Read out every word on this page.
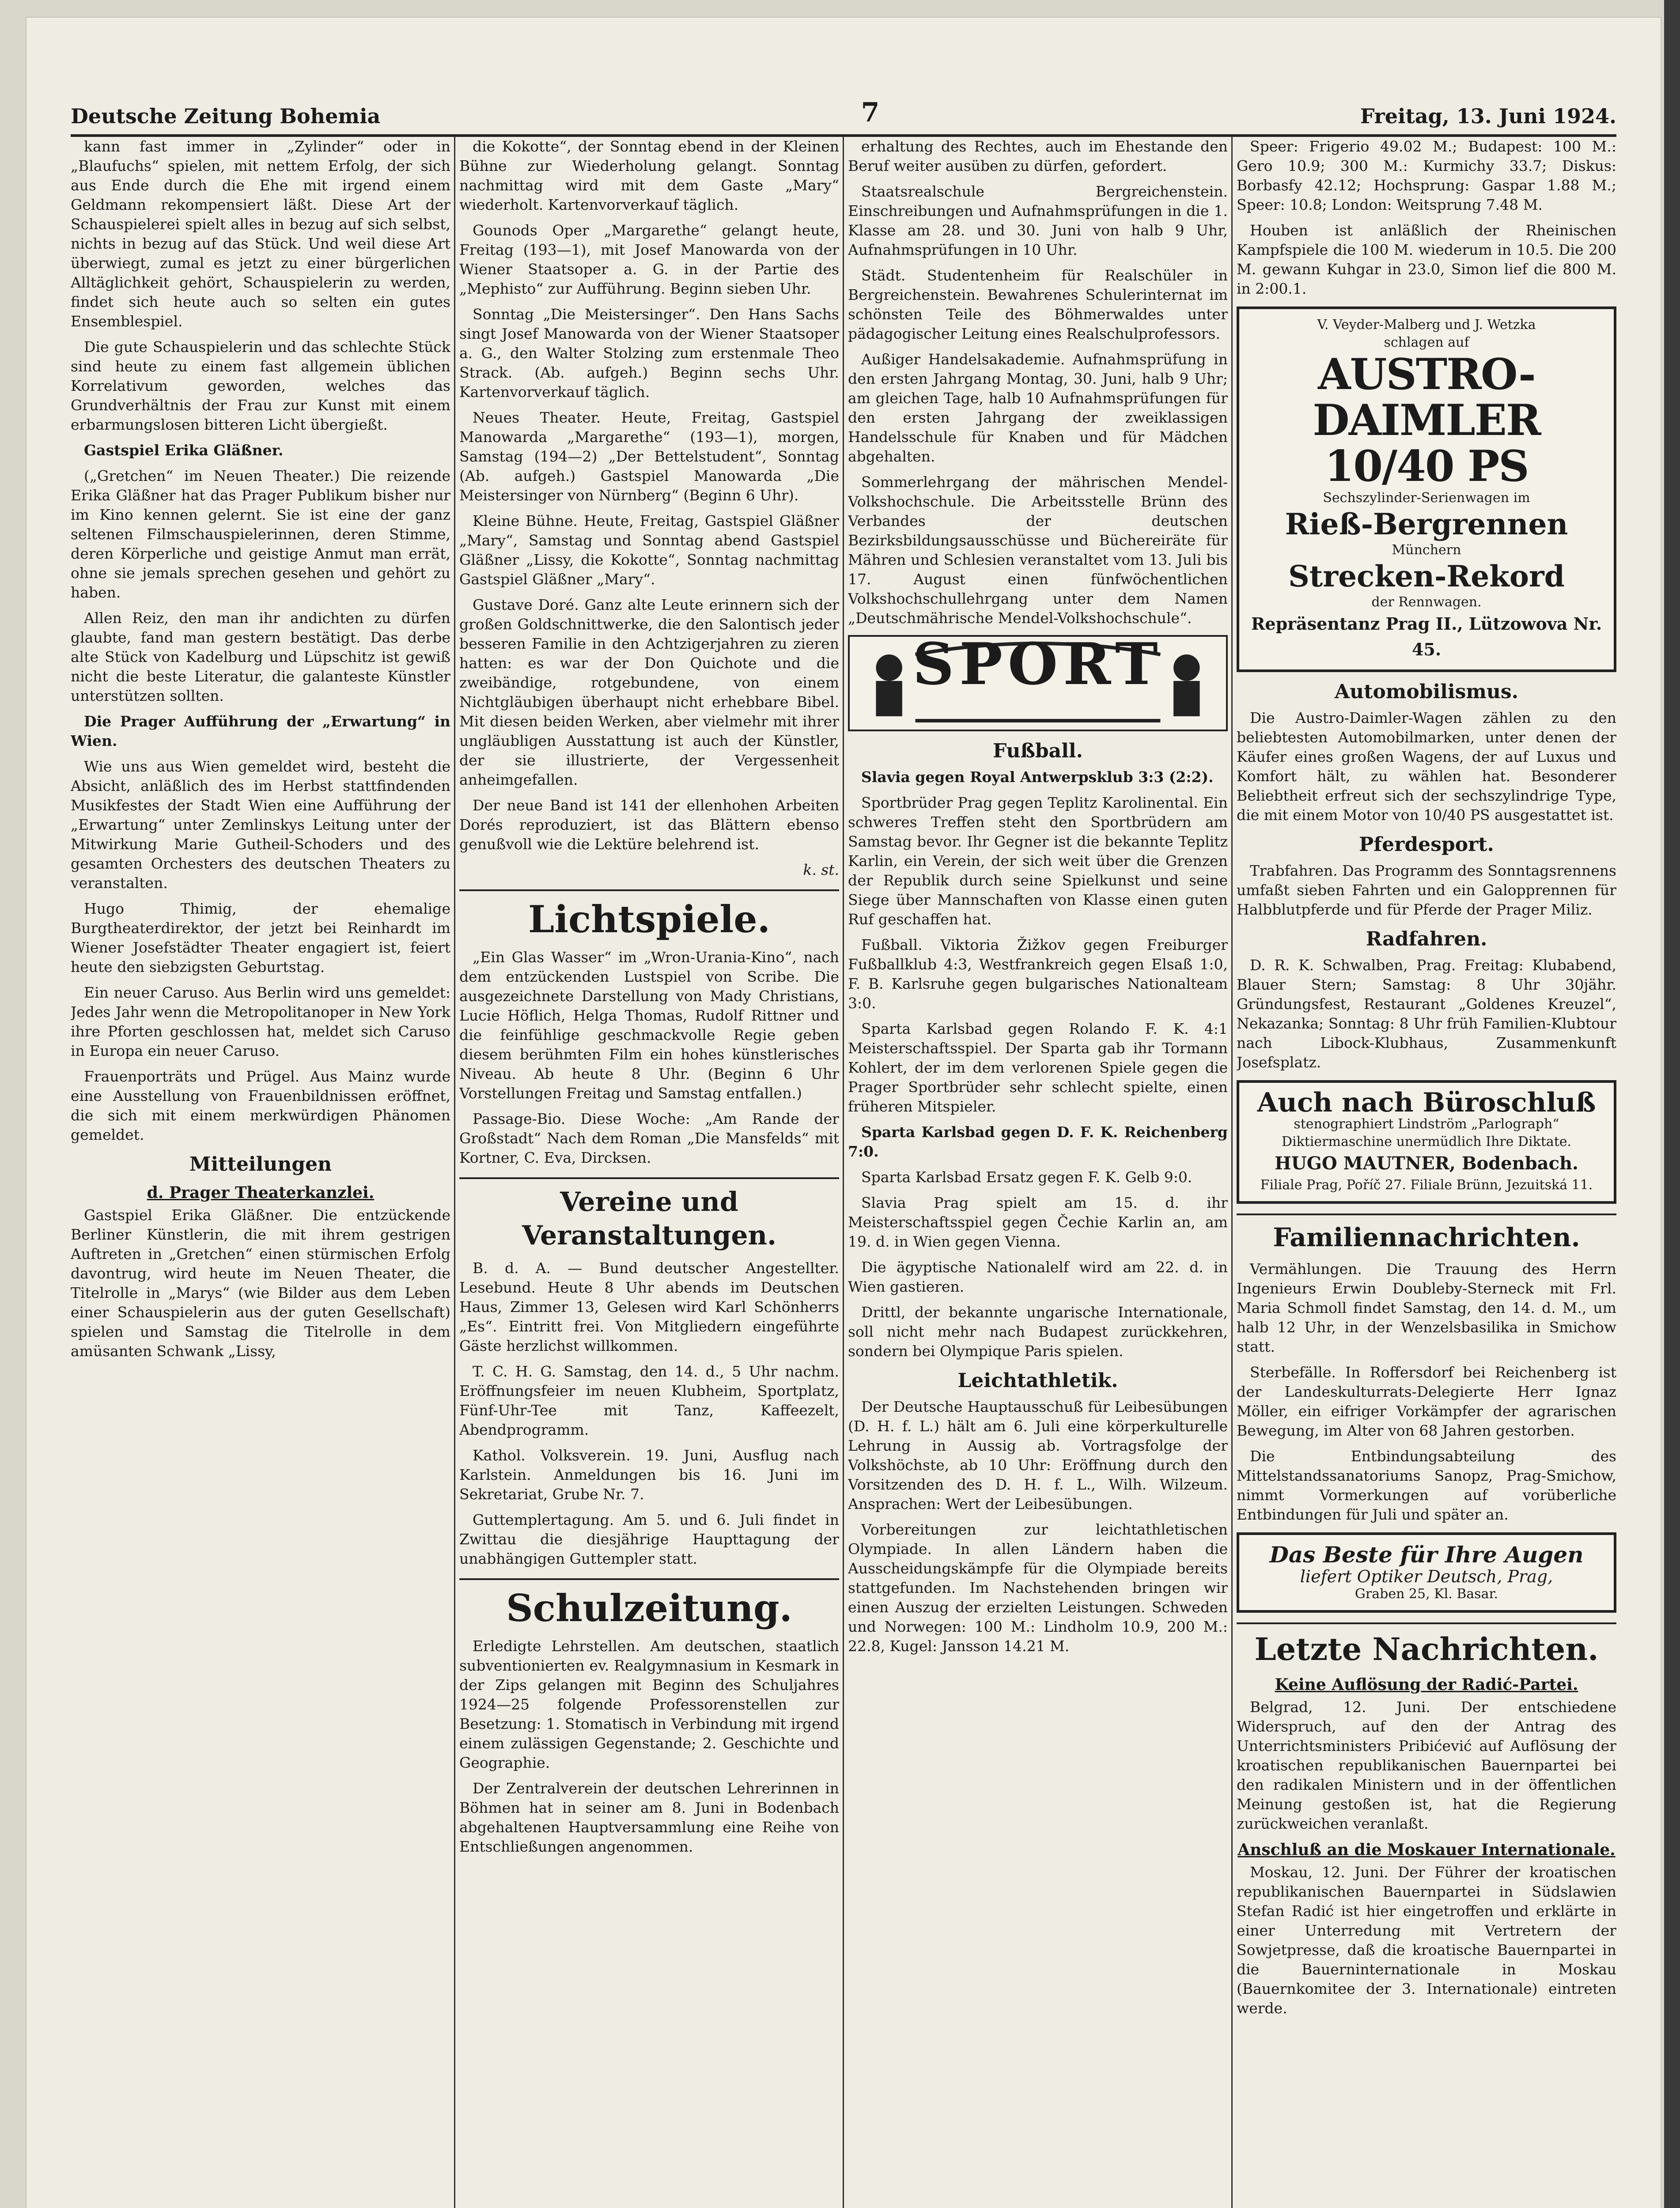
Deutsche Zeitung Bohemia	7	Freitag, 13. Juni 1924.

kann fast immer in „Zylinder“ oder in „Blaufuchs“ spielen, mit nettem Erfolg, der sich aus Ende durch die Ehe mit irgend einem Geldmann rekompensiert läßt. Diese Art der Schauspielerei spielt alles in bezug auf sich selbst, nichts in bezug auf das Stück. Und weil diese Art überwiegt, zumal es jetzt zu einer bürgerlichen Alltäglichkeit gehört, Schauspielerin zu werden, findet sich heute auch so selten ein gutes Ensemblespiel.

Die gute Schauspielerin und das schlechte Stück sind heute zu einem fast allgemein üblichen Korrelativum geworden, welches das Grundverhältnis der Frau zur Kunst mit einem erbarmungslosen bitteren Licht übergießt.

Gastspiel Erika Gläßner.

(„Gretchen“ im Neuen Theater.) Die reizende Erika Gläßner hat das Prager Publikum bisher nur im Kino kennen gelernt. Sie ist eine der ganz seltenen Filmschauspielerinnen, deren Stimme, deren Körperliche und geistige Anmut man errät, ohne sie jemals sprechen gesehen und gehört zu haben.

Allen Reiz, den man ihr andichten zu dürfen glaubte, fand man gestern bestätigt. Das derbe alte Stück von Kadelburg und Lüpschitz ist gewiß nicht die beste Literatur, die galanteste Künstler unterstützen sollten.

Die Prager Aufführung der „Erwartung“ in Wien.

Wie uns aus Wien gemeldet wird, besteht die Absicht, anläßlich des im Herbst stattfindenden Musikfestes der Stadt Wien eine Aufführung der „Erwartung“ unter Zemlinskys Leitung unter der Mitwirkung Marie Gutheil-Schoders und des gesamten Orchesters des deutschen Theaters zu veranstalten.

Hugo Thimig, der ehemalige Burgtheaterdirektor, der jetzt bei Reinhardt im Wiener Josefstädter Theater engagiert ist, feiert heute den siebzigsten Geburtstag.

Ein neuer Caruso. Aus Berlin wird uns gemeldet: Jedes Jahr wenn die Metropolitanoper in New York ihre Pforten geschlossen hat, meldet sich Caruso in Europa ein neuer Caruso.

Frauenporträts und Prügel. Aus Mainz wurde eine Ausstellung von Frauenbildnissen eröffnet, die sich mit einem merkwürdigen Phänomen gemeldet.

Mitteilungen
d. Prager Theaterkanzlei.

Gastspiel Erika Gläßner. Die entzückende Berliner Künstlerin, die mit ihrem gestrigen Auftreten in „Gretchen“ einen stürmischen Erfolg davontrug, wird heute im Neuen Theater, die Titelrolle in „Marys“ (wie Bilder aus dem Leben einer Schauspielerin aus der guten Gesellschaft) spielen und Samstag die Titelrolle in dem amüsanten Schwank „Lissy,

die Kokotte“, der Sonntag ebend in der Kleinen Bühne zur Wiederholung gelangt. Sonntag nachmittag wird mit dem Gaste „Mary“ wiederholt. Kartenvorverkauf täglich.

Gounods Oper „Margarethe“ gelangt heute, Freitag (193—1), mit Josef Manowarda von der Wiener Staatsoper a. G. in der Partie des „Mephisto“ zur Aufführung. Beginn sieben Uhr.

Sonntag „Die Meistersinger“. Den Hans Sachs singt Josef Manowarda von der Wiener Staatsoper a. G., den Walter Stolzing zum erstenmale Theo Strack. (Ab. aufgeh.) Beginn sechs Uhr. Kartenvorverkauf täglich.

Neues Theater. Heute, Freitag, Gastspiel Manowarda „Margarethe“ (193—1), morgen, Samstag (194—2) „Der Bettelstudent“, Sonntag (Ab. aufgeh.) Gastspiel Manowarda „Die Meistersinger von Nürnberg“ (Beginn 6 Uhr).

Kleine Bühne. Heute, Freitag, Gastspiel Gläßner „Mary“, Samstag und Sonntag abend Gastspiel Gläßner „Lissy, die Kokotte“, Sonntag nachmittag Gastspiel Gläßner „Mary“.

Gustave Doré. Ganz alte Leute erinnern sich der großen Goldschnittwerke, die den Salontisch jeder besseren Familie in den Achtzigerjahren zu zieren hatten: es war der Don Quichote und die zweibändige, rotgebundene, von einem Nichtgläubigen überhaupt nicht erhebbare Bibel. Mit diesen beiden Werken, aber vielmehr mit ihrer ungläubligen Ausstattung ist auch der Künstler, der sie illustrierte, der Vergessenheit anheimgefallen.

Der neue Band ist 141 der ellenhohen Arbeiten Dorés reproduziert, ist das Blättern ebenso genußvoll wie die Lektüre belehrend ist.

k. st.

Lichtspiele.

„Ein Glas Wasser“ im „Wron-Urania-Kino“, nach dem entzückenden Lustspiel von Scribe. Die ausgezeichnete Darstellung von Mady Christians, Lucie Höflich, Helga Thomas, Rudolf Rittner und die feinfühlige geschmackvolle Regie geben diesem berühmten Film ein hohes künstlerisches Niveau. Ab heute 8 Uhr. (Beginn 6 Uhr Vorstellungen Freitag und Samstag entfallen.)

Passage-Bio. Diese Woche: „Am Rande der Großstadt“ Nach dem Roman „Die Mansfelds“ mit Kortner, C. Eva, Dircksen.

Vereine und Veranstaltungen.

B. d. A. — Bund deutscher Angestellter. Lesebund. Heute 8 Uhr abends im Deutschen Haus, Zimmer 13, Gelesen wird Karl Schönherrs „Es“. Eintritt frei. Von Mitgliedern eingeführte Gäste herzlichst willkommen.

T. C. H. G. Samstag, den 14. d., 5 Uhr nachm. Eröffnungsfeier im neuen Klubheim, Sportplatz, Fünf-Uhr-Tee mit Tanz, Kaffeezelt, Abendprogramm.

Kathol. Volksverein. 19. Juni, Ausflug nach Karlstein. Anmeldungen bis 16. Juni im Sekretariat, Grube Nr. 7.

Guttemplertagung. Am 5. und 6. Juli findet in Zwittau die diesjährige Haupttagung der unabhängigen Guttempler statt.

Schulzeitung.

Erledigte Lehrstellen. Am deutschen, staatlich subventionierten ev. Realgymnasium in Kesmark in der Zips gelangen mit Beginn des Schuljahres 1924—25 folgende Professorenstellen zur Besetzung: 1. Stomatisch in Verbindung mit irgend einem zulässigen Gegenstande; 2. Geschichte und Geographie.

Der Zentralverein der deutschen Lehrerinnen in Böhmen hat in seiner am 8. Juni in Bodenbach abgehaltenen Hauptversammlung eine Reihe von Entschließungen angenommen.

erhaltung des Rechtes, auch im Ehestande den Beruf weiter ausüben zu dürfen, gefordert.

Staatsrealschule Bergreichenstein. Einschreibungen und Aufnahmsprüfungen in die 1. Klasse am 28. und 30. Juni von halb 9 Uhr, Aufnahmsprüfungen in 10 Uhr.

Städt. Studentenheim für Realschüler in Bergreichenstein. Bewahrenes Schulerinternat im schönsten Teile des Böhmerwaldes unter pädagogischer Leitung eines Realschulprofessors.

Außiger Handelsakademie. Aufnahmsprüfung in den ersten Jahrgang Montag, 30. Juni, halb 9 Uhr; am gleichen Tage, halb 10 Aufnahmsprüfungen für den ersten Jahrgang der zweiklassigen Handelsschule für Knaben und für Mädchen abgehalten.

Sommerlehrgang der mährischen Mendel-Volkshochschule. Die Arbeitsstelle Brünn des Verbandes der deutschen Bezirksbildungsausschüsse und Büchereiräte für Mähren und Schlesien veranstaltet vom 13. Juli bis 17. August einen fünfwöchentlichen Volkshochschullehrgang unter dem Namen „Deutschmährische Mendel-Volkshochschule“.

SPORT
Fußball.

Slavia gegen Royal Antwerpsklub 3:3 (2:2).

Sportbrüder Prag gegen Teplitz Karolinental. Ein schweres Treffen steht den Sportbrüdern am Samstag bevor. Ihr Gegner ist die bekannte Teplitz Karlin, ein Verein, der sich weit über die Grenzen der Republik durch seine Spielkunst und seine Siege über Mannschaften von Klasse einen guten Ruf geschaffen hat.

Fußball. Viktoria Žižkov gegen Freiburger Fußballklub 4:3, Westfrankreich gegen Elsaß 1:0, F. B. Karlsruhe gegen bulgarisches Nationalteam 3:0.

Sparta Karlsbad gegen Rolando F. K. 4:1 Meisterschaftsspiel. Der Sparta gab ihr Tormann Kohlert, der im dem verlorenen Spiele gegen die Prager Sportbrüder sehr schlecht spielte, einen früheren Mitspieler.

Sparta Karlsbad gegen D. F. K. Reichenberg 7:0.

Sparta Karlsbad Ersatz gegen F. K. Gelb 9:0.

Slavia Prag spielt am 15. d. ihr Meisterschaftsspiel gegen Čechie Karlin an, am 19. d. in Wien gegen Vienna.

Die ägyptische Nationalelf wird am 22. d. in Wien gastieren.

Drittl, der bekannte ungarische Internationale, soll nicht mehr nach Budapest zurückkehren, sondern bei Olympique Paris spielen.

Leichtathletik.

Der Deutsche Hauptausschuß für Leibesübungen (D. H. f. L.) hält am 6. Juli eine körperkulturelle Lehrung in Aussig ab. Vortragsfolge der Volkshöchste, ab 10 Uhr: Eröffnung durch den Vorsitzenden des D. H. f. L., Wilh. Wilzeum. Ansprachen: Wert der Leibesübungen.

Vorbereitungen zur leichtathletischen Olympiade. In allen Ländern haben die Ausscheidungskämpfe für die Olympiade bereits stattgefunden. Im Nachstehenden bringen wir einen Auszug der erzielten Leistungen. Schweden und Norwegen: 100 M.: Lindholm 10.9, 200 M.: 22.8, Kugel: Jansson 14.21 M.

Speer: Frigerio 49.02 M.; Budapest: 100 M.: Gero 10.9; 300 M.: Kurmichy 33.7; Diskus: Borbasfy 42.12; Hochsprung: Gaspar 1.88 M.; Speer: 10.8; London: Weitsprung 7.48 M.

Houben ist anläßlich der Rheinischen Kampfspiele die 100 M. wiederum in 10.5. Die 200 M. gewann Kuhgar in 23.0, Simon lief die 800 M. in 2:00.1.

V. Veyder-Malberg und J. Wetzka
schlagen auf
AUSTRO-DAIMLER 10/40 PS
Sechszylinder-Serienwagen im
Rieß-Bergrennen
Münchern
Strecken-Rekord
der Rennwagen.
Repräsentanz Prag II., Lützowova Nr. 45.
Automobilismus.

Die Austro-Daimler-Wagen zählen zu den beliebtesten Automobilmarken, unter denen der Käufer eines großen Wagens, der auf Luxus und Komfort hält, zu wählen hat. Besonderer Beliebtheit erfreut sich der sechszylindrige Type, die mit einem Motor von 10/40 PS ausgestattet ist.

Pferdesport.

Trabfahren. Das Programm des Sonntagsrennens umfaßt sieben Fahrten und ein Galopprennen für Halbblutpferde und für Pferde der Prager Miliz.

Radfahren.

D. R. K. Schwalben, Prag. Freitag: Klubabend, Blauer Stern; Samstag: 8 Uhr 30jähr. Gründungsfest, Restaurant „Goldenes Kreuzel“, Nekazanka; Sonntag: 8 Uhr früh Familien-Klubtour nach Libock-Klubhaus, Zusammenkunft Josefsplatz.

Auch nach Büroschluß
stenographiert Lindström „Parlograph“
Diktiermaschine unermüdlich Ihre Diktate.
HUGO MAUTNER, Bodenbach.
Filiale Prag, Poříč 27. Filiale Brünn, Jezuitská 11.
Familiennachrichten.

Vermählungen. Die Trauung des Herrn Ingenieurs Erwin Doubleby-Sterneck mit Frl. Maria Schmoll findet Samstag, den 14. d. M., um halb 12 Uhr, in der Wenzelsbasilika in Smichow statt.

Sterbefälle. In Roffersdorf bei Reichenberg ist der Landeskulturrats-Delegierte Herr Ignaz Möller, ein eifriger Vorkämpfer der agrarischen Bewegung, im Alter von 68 Jahren gestorben.

Die Entbindungsabteilung des Mittelstandssanatoriums Sanopz, Prag-Smichow, nimmt Vormerkungen auf vorüberliche Entbindungen für Juli und später an.

Das Beste für Ihre Augen
liefert Optiker Deutsch, Prag,
Graben 25, Kl. Basar.
Letzte Nachrichten.
Keine Auflösung der Radić-Partei.

Belgrad, 12. Juni. Der entschiedene Widerspruch, auf den der Antrag des Unterrichtsministers Pribićević auf Auflösung der kroatischen republikanischen Bauernpartei bei den radikalen Ministern und in der öffentlichen Meinung gestoßen ist, hat die Regierung zurückweichen veranlaßt.

Anschluß an die Moskauer Internationale.

Moskau, 12. Juni. Der Führer der kroatischen republikanischen Bauernpartei in Südslawien Stefan Radić ist hier eingetroffen und erklärte in einer Unterredung mit Vertretern der Sowjetpresse, daß die kroatische Bauernpartei in die Bauerninternationale in Moskau (Bauernkomitee der 3. Internationale) eintreten werde.
